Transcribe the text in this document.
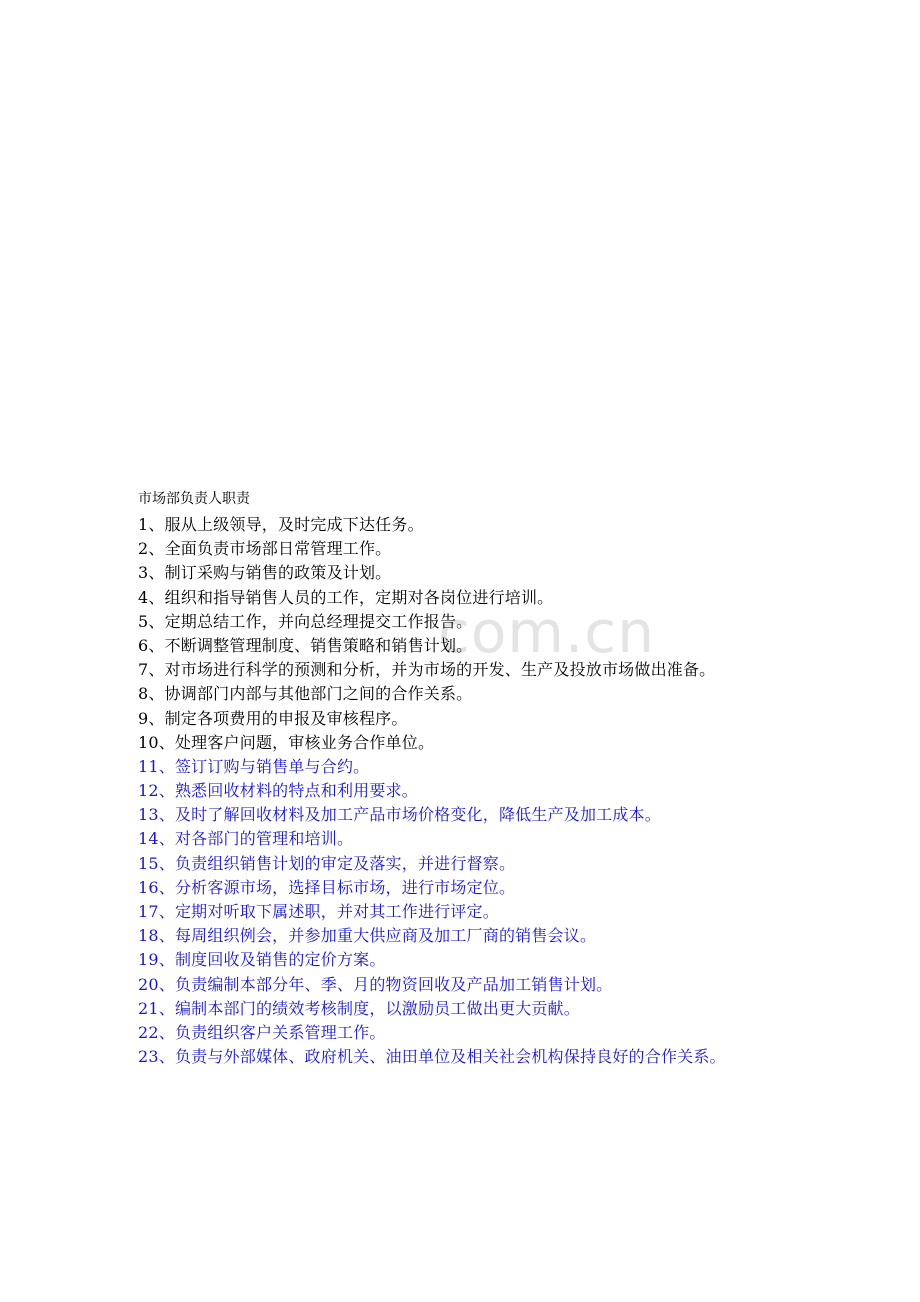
com.cn
市场部负责人职责
1、服从上级领导，及时完成下达任务。
2、全面负责市场部日常管理工作。
3、制订采购与销售的政策及计划。
4、组织和指导销售人员的工作，定期对各岗位进行培训。
5、定期总结工作，并向总经理提交工作报告。
6、不断调整管理制度、销售策略和销售计划。
7、对市场进行科学的预测和分析，并为市场的开发、生产及投放市场做出准备。
8、协调部门内部与其他部门之间的合作关系。
9、制定各项费用的申报及审核程序。
10、处理客户问题，审核业务合作单位。
11、签订订购与销售单与合约。
12、熟悉回收材料的特点和利用要求。
13、及时了解回收材料及加工产品市场价格变化，降低生产及加工成本。
14、对各部门的管理和培训。
15、负责组织销售计划的审定及落实，并进行督察。
16、分析客源市场，选择目标市场，进行市场定位。
17、定期对听取下属述职，并对其工作进行评定。
18、每周组织例会，并参加重大供应商及加工厂商的销售会议。
19、制度回收及销售的定价方案。
20、负责编制本部分年、季、月的物资回收及产品加工销售计划。
21、编制本部门的绩效考核制度，以激励员工做出更大贡献。
22、负责组织客户关系管理工作。
23、负责与外部媒体、政府机关、油田单位及相关社会机构保持良好的合作关系。
